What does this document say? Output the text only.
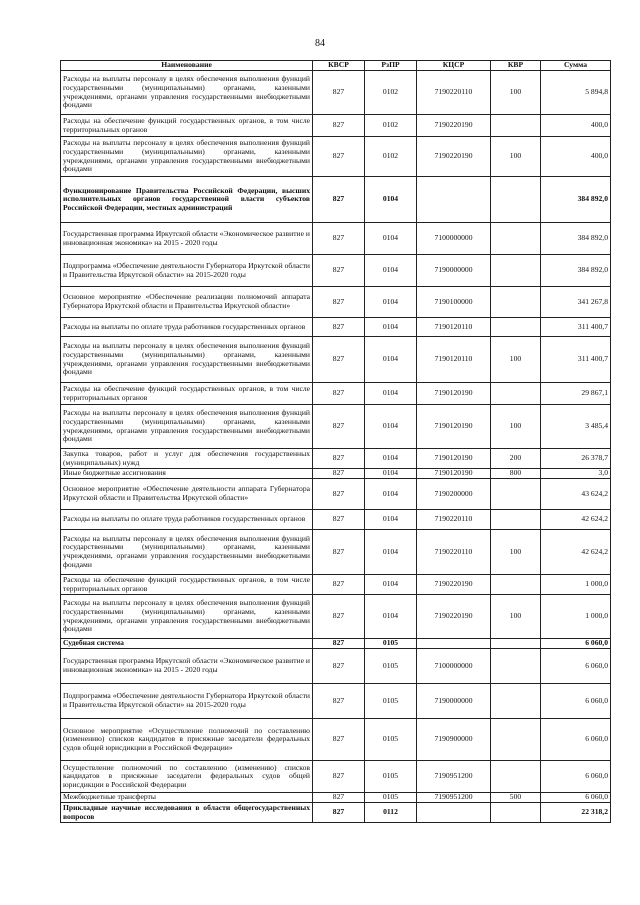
84
Наименование	КВСР	РзПР	КЦСР	КВР	Сумма
Расходы на выплаты персоналу в целях обеспечения выполнения функций государственными (муниципальными) органами, казенными учреждениями, органами управления государственными внебюджетными фондами	827	0102	7190220110	100	5 894,8
Расходы на обеспечение функций государственных органов, в том числе территориальных органов	827	0102	7190220190		400,0
Расходы на выплаты персоналу в целях обеспечения выполнения функций государственными (муниципальными) органами, казенными учреждениями, органами управления государственными внебюджетными фондами	827	0102	7190220190	100	400,0
Функционирование Правительства Российской Федерации, высших исполнительных органов государственной власти субъектов Российской Федерации, местных администраций	827	0104			384 892,0
Государственная программа Иркутской области «Экономическое развитие и инновационная экономика» на 2015 - 2020 годы	827	0104	7100000000		384 892,0
Подпрограмма «Обеспечение деятельности Губернатора Иркутской области и Правительства Иркутской области» на 2015-2020 годы	827	0104	7190000000		384 892,0
Основное мероприятие «Обеспечение реализации полномочий аппарата Губернатора Иркутской области и Правительства Иркутской области»	827	0104	7190100000		341 267,8
Расходы на выплаты по оплате труда работников государственных органов	827	0104	7190120110		311 400,7
Расходы на выплаты персоналу в целях обеспечения выполнения функций государственными (муниципальными) органами, казенными учреждениями, органами управления государственными внебюджетными фондами	827	0104	7190120110	100	311 400,7
Расходы на обеспечение функций государственных органов, в том числе территориальных органов	827	0104	7190120190		29 867,1
Расходы на выплаты персоналу в целях обеспечения выполнения функций государственными (муниципальными) органами, казенными учреждениями, органами управления государственными внебюджетными фондами	827	0104	7190120190	100	3 485,4
Закупка товаров, работ и услуг для обеспечения государственных (муниципальных) нужд	827	0104	7190120190	200	26 378,7
Иные бюджетные ассигнования	827	0104	7190120190	800	3,0
Основное мероприятие «Обеспечение деятельности аппарата Губернатора Иркутской области и Правительства Иркутской области»	827	0104	7190200000		43 624,2
Расходы на выплаты по оплате труда работников государственных органов	827	0104	7190220110		42 624,2
Расходы на выплаты персоналу в целях обеспечения выполнения функций государственными (муниципальными) органами, казенными учреждениями, органами управления государственными внебюджетными фондами	827	0104	7190220110	100	42 624,2
Расходы на обеспечение функций государственных органов, в том числе территориальных органов	827	0104	7190220190		1 000,0
Расходы на выплаты персоналу в целях обеспечения выполнения функций государственными (муниципальными) органами, казенными учреждениями, органами управления государственными внебюджетными фондами	827	0104	7190220190	100	1 000,0
Судебная система	827	0105			6 060,0
Государственная программа Иркутской области «Экономическое развитие и инновационная экономика» на 2015 - 2020 годы	827	0105	7100000000		6 060,0
Подпрограмма «Обеспечение деятельности Губернатора Иркутской области и Правительства Иркутской области» на 2015-2020 годы	827	0105	7190000000		6 060,0
Основное мероприятие «Осуществление полномочий по составлению (изменению) списков кандидатов в присяжные заседатели федеральных судов общей юрисдикции в Российской Федерации»	827	0105	7190900000		6 060,0
Осуществление полномочий по составлению (изменению) списков кандидатов в присяжные заседатели федеральных судов общей юрисдикции в Российской Федерации	827	0105	7190951200		6 060,0
Межбюджетные трансферты	827	0105	7190951200	500	6 060,0
Прикладные научные исследования в области общегосударственных вопросов	827	0112			22 318,2
